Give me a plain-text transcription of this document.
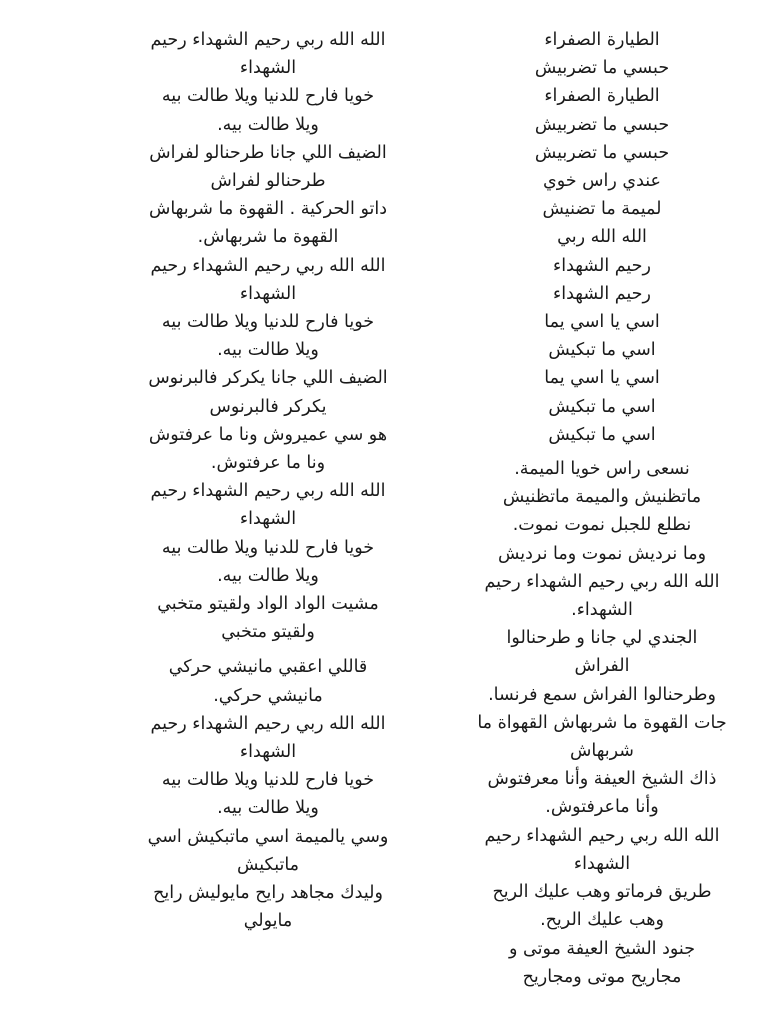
الطيارة الصفراء
حبسي ما تضربيش
الطيارة الصفراء
حبسي ما تضربيش
حبسي ما تضربيش
عندي راس خوي
لميمة ما تضنيش
الله الله ربي
رحيم الشهداء
رحيم الشهداء
اسي يا اسي يما
اسي ما تبكيش
اسي يا اسي يما
اسي ما تبكيش
اسي ما تبكيش
نسعى راس خويا الميمة.
ماتظنيش والميمة ماتظنيش
نطلع للجبل نموت نموت.
وما نرديش نموت وما نرديش
الله الله ربي رحيم الشهداء رحيم
الشهداء.
الجندي لي جانا و طرحنالوا
الفراش
وطرحنالوا الفراش سمع فرنسا.
جات القهوة ما شربهاش القهواة ما
شربهاش
ذاك الشيخ العيفة وأنا معرفتوش
وأنا ماعرفتوش.
الله الله ربي رحيم الشهداء رحيم
الشهداء
طريق فرماتو وهب عليك الريح
وهب عليك الريح.
جنود الشيخ العيفة موتى و
مجاريح موتى ومجاريح
الله الله ربي رحيم الشهداء رحيم
الشهداء
خويا فارح للدنيا ويلا طالت بيه
ويلا طالت بيه.
الضيف اللي جانا طرحنالو لفراش
طرحنالو لفراش
داتو الحركية . القهوة ما شربهاش
القهوة ما شربهاش.
الله الله ربي رحيم الشهداء رحيم
الشهداء
خويا فارح للدنيا ويلا طالت بيه
ويلا طالت بيه.
الضيف اللي جانا يكركر فالبرنوس
يكركر فالبرنوس
هو سي عميروش ونا ما عرفتوش
ونا ما عرفتوش.
الله الله ربي رحيم الشهداء رحيم
الشهداء
خويا فارح للدنيا ويلا طالت بيه
ويلا طالت بيه.
مشيت الواد الواد ولقيتو متخبي
ولقيتو متخبي
قاللي اعقبي مانيشي حركي
مانيشي حركي.
الله الله ربي رحيم الشهداء رحيم
الشهداء
خويا فارح للدنيا ويلا طالت بيه
ويلا طالت بيه.
وسي يالميمة اسي ماتبكيش اسي
ماتبكيش
وليدك مجاهد رايح مايوليش رايح
مايولي
